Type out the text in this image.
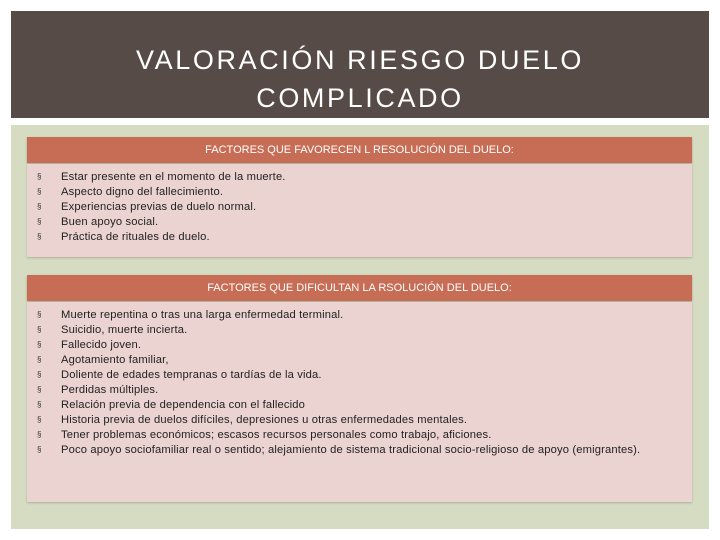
VALORACIÓN RIESGO DUELO
COMPLICADO
FACTORES QUE FAVORECEN L RESOLUCIÓN DEL DUELO:
§
Estar presente en el momento de la muerte.
§
Aspecto digno del fallecimiento.
§
Experiencias previas de duelo normal.
§
Buen apoyo social.
§
Práctica de rituales de duelo.
FACTORES QUE DIFICULTAN LA RSOLUCIÓN DEL DUELO:
§
Muerte repentina o tras una larga enfermedad terminal.
§
Suicidio, muerte incierta.
§
Fallecido joven.
§
Agotamiento familiar,
§
Doliente de edades tempranas o tardías de la vida.
§
Perdidas múltiples.
§
Relación previa de dependencia con el fallecido
§
Historia previa de duelos difíciles, depresiones u otras enfermedades mentales.
§
Tener problemas económicos; escasos recursos personales como trabajo, aficiones.
§
Poco apoyo sociofamiliar real o sentido; alejamiento de sistema tradicional socio-religioso de apoyo (emigrantes).
